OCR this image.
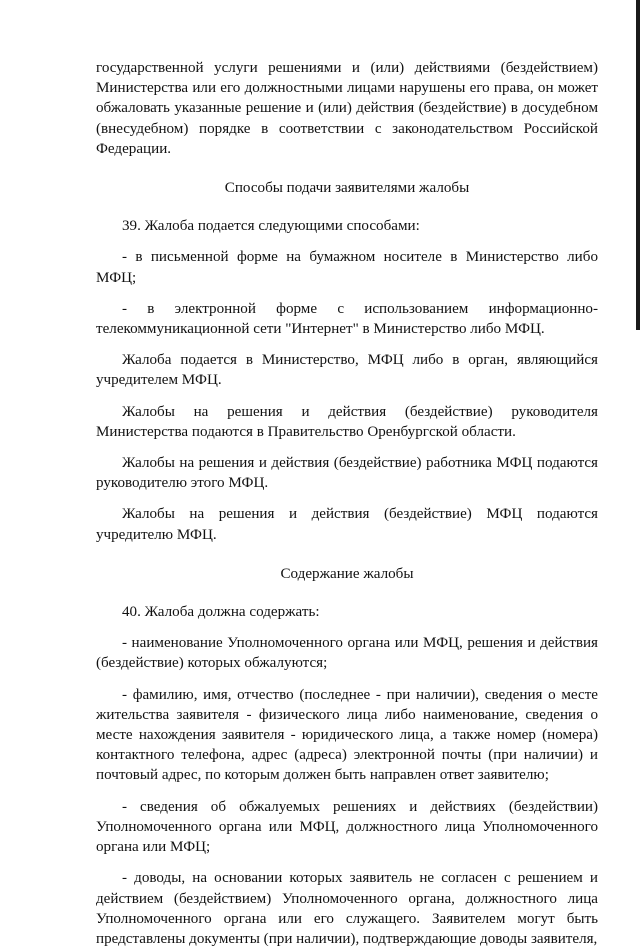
государственной услуги решениями и (или) действиями (бездействием) Министерства или его должностными лицами нарушены его права, он может обжаловать указанные решение и (или) действия (бездействие) в досудебном (внесудебном) порядке в соответствии с законодательством Российской Федерации.

Способы подачи заявителями жалобы

39. Жалоба подается следующими способами:

- в письменной форме на бумажном носителе в Министерство либо МФЦ;

- в электронной форме с использованием информационно-телекоммуникационной сети "Интернет" в Министерство либо МФЦ.

Жалоба подается в Министерство, МФЦ либо в орган, являющийся учредителем МФЦ.

Жалобы на решения и действия (бездействие) руководителя Министерства подаются в Правительство Оренбургской области.

Жалобы на решения и действия (бездействие) работника МФЦ подаются руководителю этого МФЦ.

Жалобы на решения и действия (бездействие) МФЦ подаются учредителю МФЦ.

Содержание жалобы

40. Жалоба должна содержать:

- наименование Уполномоченного органа или МФЦ, решения и действия (бездействие) которых обжалуются;

- фамилию, имя, отчество (последнее - при наличии), сведения о месте жительства заявителя - физического лица либо наименование, сведения о месте нахождения заявителя - юридического лица, а также номер (номера) контактного телефона, адрес (адреса) электронной почты (при наличии) и почтовый адрес, по которым должен быть направлен ответ заявителю;

- сведения об обжалуемых решениях и действиях (бездействии) Уполномоченного органа или МФЦ, должностного лица Уполномоченного органа или МФЦ;

- доводы, на основании которых заявитель не согласен с решением и действием (бездействием) Уполномоченного органа, должностного лица Уполномоченного органа или его служащего. Заявителем могут быть представлены документы (при наличии), подтверждающие доводы заявителя,
